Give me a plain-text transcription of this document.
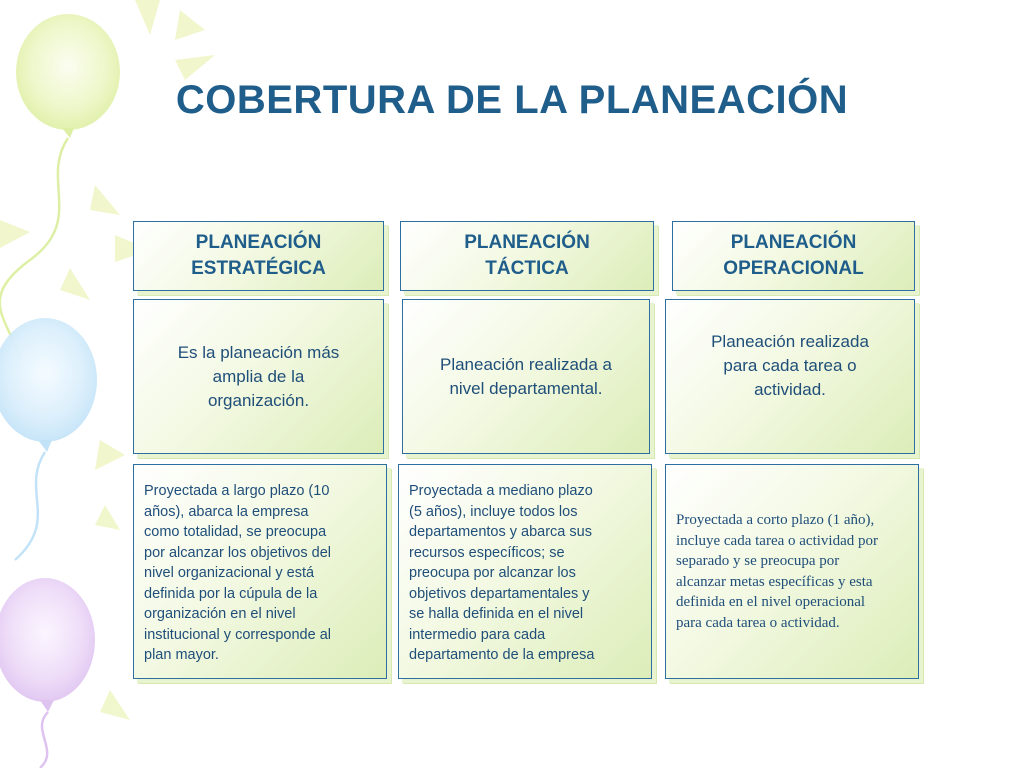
COBERTURA DE LA PLANEACIÓN
PLANEACIÓN
ESTRATÉGICA
Es la planeación más
amplia de la
organización.
Proyectada a largo plazo (10
años), abarca la empresa
como totalidad, se preocupa
por alcanzar los objetivos del
nivel organizacional y está
definida por la cúpula de la
organización en el nivel
institucional y corresponde al
plan mayor.
PLANEACIÓN
TÁCTICA
Planeación realizada a
nivel departamental.
Proyectada a mediano plazo
(5 años), incluye todos los
departamentos y abarca sus
recursos específicos; se
preocupa por alcanzar los
objetivos departamentales y
se halla definida en el nivel
intermedio para cada
departamento de la empresa
PLANEACIÓN
OPERACIONAL
Planeación realizada
para cada tarea o
actividad.
Proyectada a corto plazo (1 año),
incluye cada tarea o actividad por
separado y se preocupa por
alcanzar metas específicas y esta
definida en el nivel operacional
para cada tarea o actividad.
